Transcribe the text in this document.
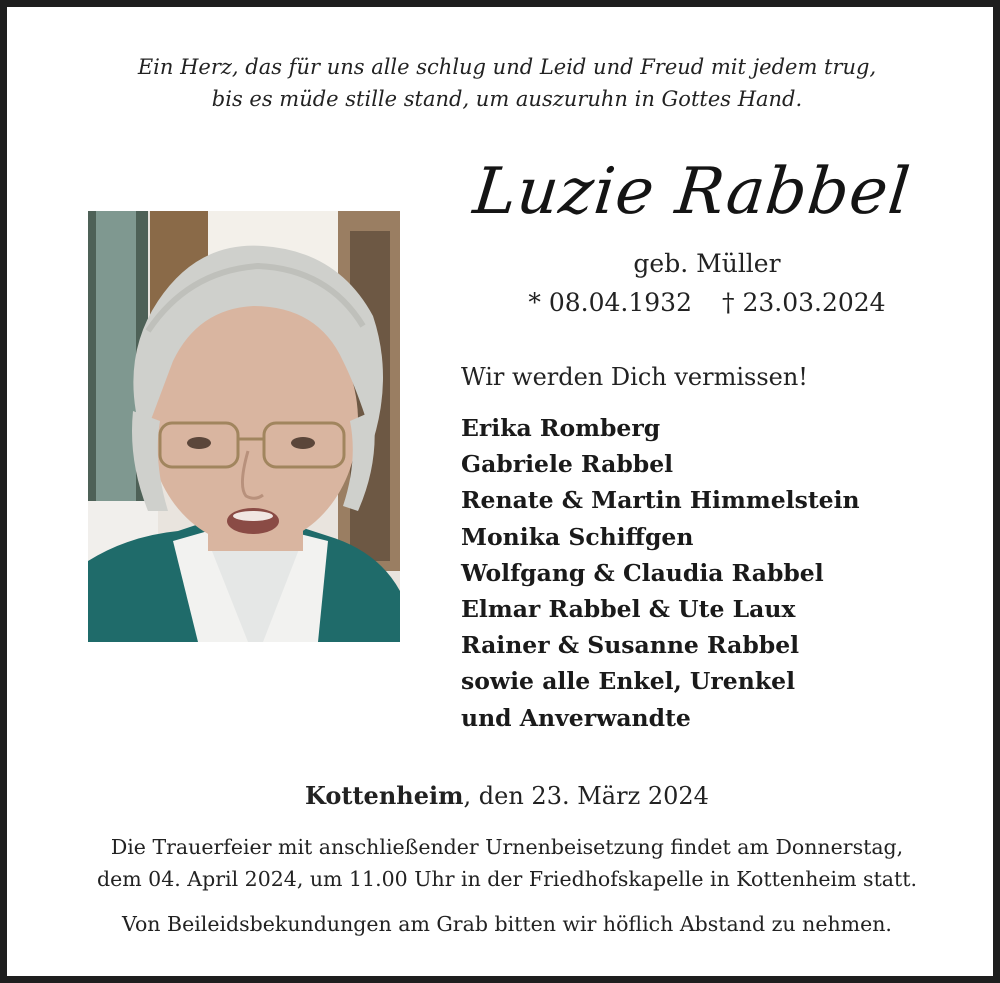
Ein Herz, das für uns alle schlug und Leid und Freud mit jedem trug,
bis es müde stille stand, um auszuruhn in Gottes Hand.
Luzie Rabbel
geb. Müller
* 08.04.1932 † 23.03.2024
Wir werden Dich vermissen!
Erika Romberg
Gabriele Rabbel
Renate & Martin Himmelstein
Monika Schiffgen
Wolfgang & Claudia Rabbel
Elmar Rabbel & Ute Laux
Rainer & Susanne Rabbel
sowie alle Enkel, Urenkel
und Anverwandte
Kottenheim, den 23. März 2024
Die Trauerfeier mit anschließender Urnenbeisetzung findet am Donnerstag,
dem 04. April 2024, um 11.00 Uhr in der Friedhofskapelle in Kottenheim statt.
Von Beileidsbekundungen am Grab bitten wir höflich Abstand zu nehmen.
